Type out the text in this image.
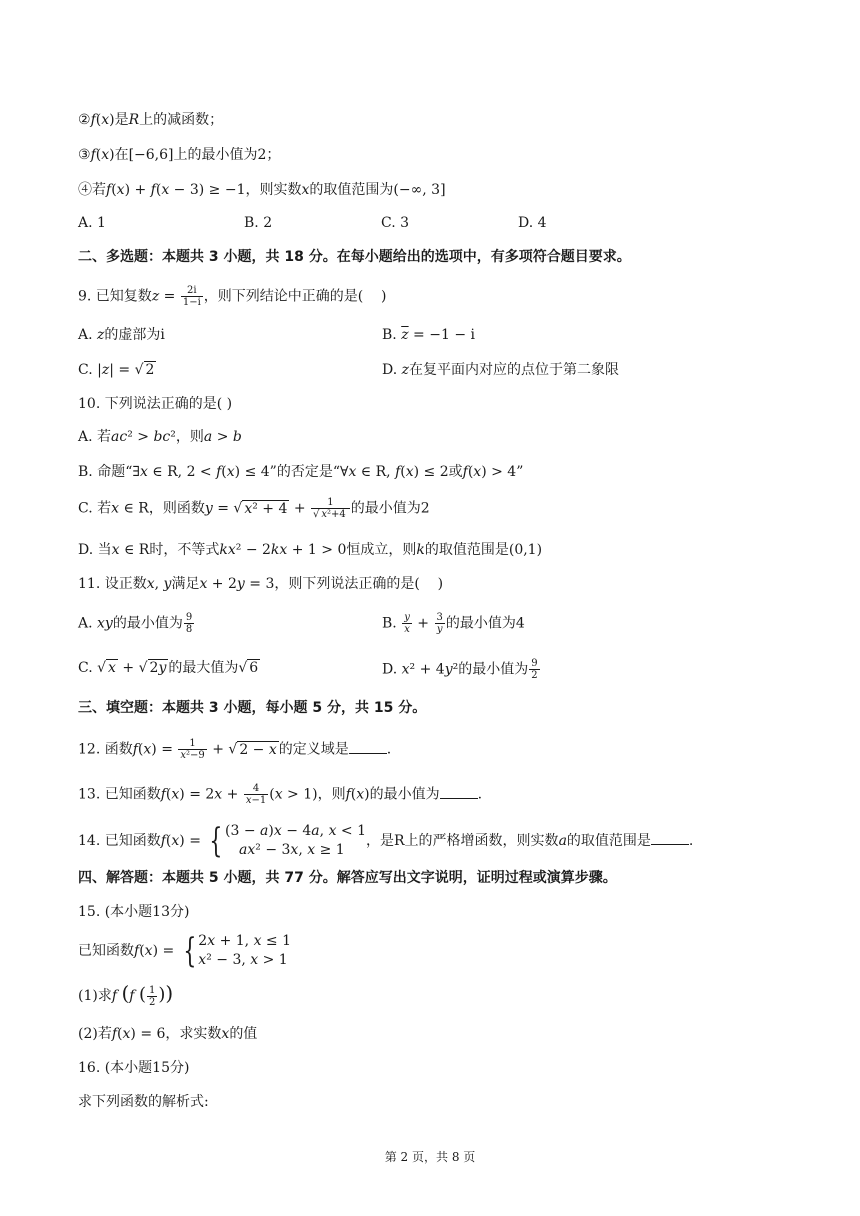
②f(x)是R上的减函数；
③f(x)在[−6,6]上的最小值为2；
④若f(x) + f(x − 3) ≥ −1，则实数x的取值范围为(−∞, 3]
A. 1	B. 2	C. 3	D. 4
二、多选题：本题共 3 小题，共 18 分。在每小题给出的选项中，有多项符合题目要求。
9. 已知复数$z = \frac{2i}{1-i}$ ，则下列结论中正确的是(    )
A. z的虚部为i	B. $\overline{z} = -1 - i$
C. |z| = √ 2	D. z在复平面内对应的点位于第二象限
10. 下列说法正确的是( )
A. 若ac² > bc²，则a > b
B. 命题“∃x ∈ R, 2 < f(x) ≤ 4”的否定是“∀x ∈ R, f(x) ≤ 2或f(x) > 4”
C. 若x ∈ R，则函数y = √ $x^2 + 4 + \frac{1}{\text{√ x²+4}}$ 的最小值为2
D. 当x ∈ R时，不等式kx² − 2kx + 1 > 0恒成立，则k的取值范围是(0,1)
11. 设正数x, y满足x + 2y = 3，则下列说法正确的是(    )
A. xy的最小值为 $\frac{9}{8}$	B. $\frac{y}{x} + \frac{3}{y}$ 的最小值为4
C. √ x + √ 2y 的最大值为√ 6	D. x² + 4y²的最小值为 $\frac{9}{2}$
三、填空题：本题共 3 小题，每小题 5 分，共 15 分。
12. 函数$f(x) = \frac{1}{\text{x²−9}}$ + √ 2 − x 的定义域是	.
13. 已知函数$f(x) = 2x + \frac{4}{x-1} (x > 1)$，则f(x)的最小值为	.
14. 已知函数f(x) = { (3 − a)x − 4a, x < 1
ax² − 3x, x ≥ 1
，是R上的严格增函数，则实数a的取值范围是	.
四、解答题：本题共 5 小题，共 77 分。解答应写出文字说明，证明过程或演算步骤。
15. (本小题13分)
已知函数f(x) = { 2x + 1, x ≤ 1
x² − 3, x > 1
(1)求f (f ( $\frac{1}{2}$ ))
(2)若f(x) = 6，求实数x的值
16. (本小题15分)
求下列函数的解析式:
第 2 页，共 8 页
